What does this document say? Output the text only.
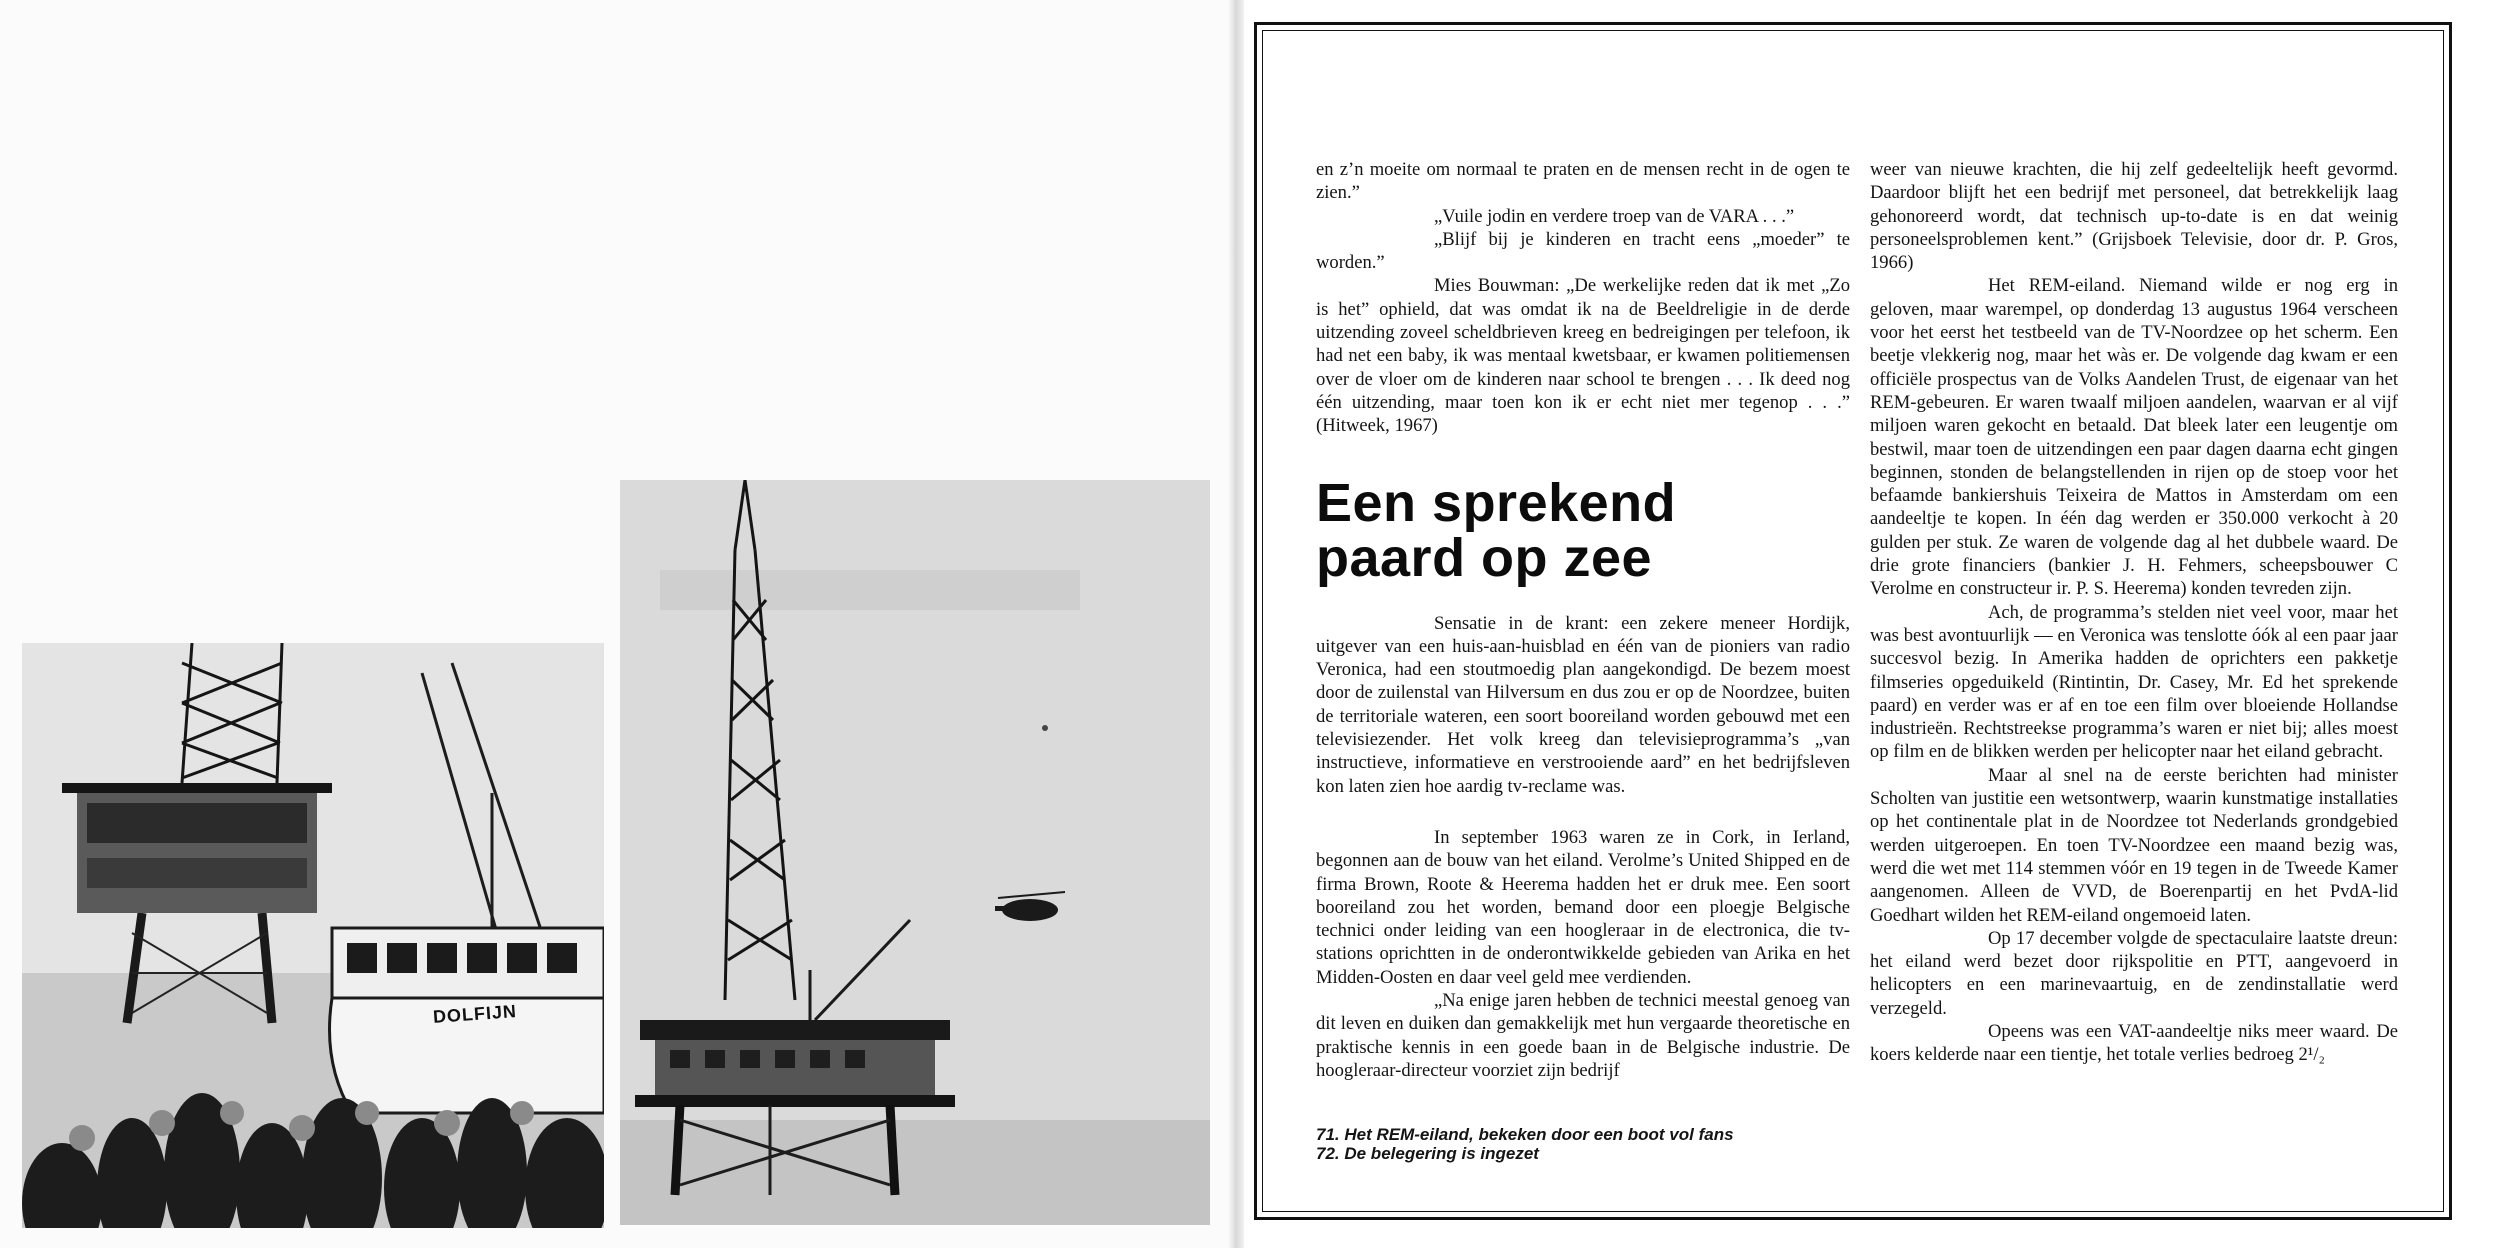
DOLFIJN

en z’n moeite om normaal te praten en de mensen recht in de ogen te zien.”

„Vuile jodin en verdere troep van de VARA . . .”

„Blijf bij je kinderen en tracht eens „moeder” te worden.”

Mies Bouwman: „De werkelijke reden dat ik met „Zo is het” ophield, dat was omdat ik na de Beeldreligie in de derde uitzending zoveel scheldbrieven kreeg en bedreigingen per telefoon, ik had net een baby, ik was mentaal kwetsbaar, er kwamen politiemensen over de vloer om de kinderen naar school te brengen . . . Ik deed nog één uitzending, maar toen kon ik er echt niet mer tegenop . . .” (Hitweek, 1967)

Een sprekend
paard op zee

Sensatie in de krant: een zekere meneer Hordijk, uitgever van een huis-aan-huisblad en één van de pioniers van radio Veronica, had een stoutmoedig plan aangekondigd. De bezem moest door de zuilenstal van Hilversum en dus zou er op de Noordzee, buiten de territoriale wateren, een soort booreiland worden gebouwd met een televisiezender. Het volk kreeg dan televisieprogramma’s „van instructieve, informatieve en verstrooiende aard” en het bedrijfsleven kon laten zien hoe aardig tv-reclame was.

In september 1963 waren ze in Cork, in Ierland, begonnen aan de bouw van het eiland. Verolme’s United Shipped en de firma Brown, Roote & Heerema hadden het er druk mee. Een soort booreiland zou het worden, bemand door een ploegje Belgische technici onder leiding van een hoogleraar in de electronica, die tv-stations oprichtten in de onderontwikkelde gebieden van Arika en het Midden-Oosten en daar veel geld mee verdienden.

„Na enige jaren hebben de technici meestal genoeg van dit leven en duiken dan gemakkelijk met hun vergaarde theoretische en praktische kennis in een goede baan in de Belgische industrie. De hoogleraar-directeur voorziet zijn bedrijf

71. Het REM-eiland, bekeken door een boot vol fans
72. De belegering is ingezet

weer van nieuwe krachten, die hij zelf gedeeltelijk heeft gevormd. Daardoor blijft het een bedrijf met personeel, dat betrekkelijk laag gehonoreerd wordt, dat technisch up-to-date is en dat weinig personeelsproblemen kent.” (Grijsboek Televisie, door dr. P. Gros, 1966)

Het REM-eiland. Niemand wilde er nog erg in geloven, maar warempel, op donderdag 13 augustus 1964 verscheen voor het eerst het testbeeld van de TV-Noordzee op het scherm. Een beetje vlekkerig nog, maar het wàs er. De volgende dag kwam er een officiële prospectus van de Volks Aandelen Trust, de eigenaar van het REM-gebeuren. Er waren twaalf miljoen aandelen, waarvan er al vijf miljoen waren gekocht en betaald. Dat bleek later een leugentje om bestwil, maar toen de uitzendingen een paar dagen daarna echt gingen beginnen, stonden de belangstellenden in rijen op de stoep voor het befaamde bankiershuis Teixeira de Mattos in Amsterdam om een aandeeltje te kopen. In één dag werden er 350.000 verkocht à 20 gulden per stuk. Ze waren de volgende dag al het dubbele waard. De drie grote financiers (bankier J. H. Fehmers, scheepsbouwer C Verolme en constructeur ir. P. S. Heerema) konden tevreden zijn.

Ach, de programma’s stelden niet veel voor, maar het was best avontuurlijk — en Veronica was tenslotte óók al een paar jaar succesvol bezig. In Amerika hadden de oprichters een pakketje filmseries opgeduikeld (Rintintin, Dr. Casey, Mr. Ed het sprekende paard) en verder was er af en toe een film over bloeiende Hollandse industrieën. Rechtstreekse programma’s waren er niet bij; alles moest op film en de blikken werden per helicopter naar het eiland gebracht.

Maar al snel na de eerste berichten had minister Scholten van justitie een wetsontwerp, waarin kunstmatige installaties op het continentale plat in de Noordzee tot Nederlands grondgebied werden uitgeroepen. En toen TV-Noordzee een maand bezig was, werd die wet met 114 stemmen vóór en 19 tegen in de Tweede Kamer aangenomen. Alleen de VVD, de Boerenpartij en het PvdA-lid Goedhart wilden het REM-eiland ongemoeid laten.

Op 17 december volgde de spectaculaire laatste dreun: het eiland werd bezet door rijkspolitie en PTT, aangevoerd in helicopters en een marinevaartuig, en de zendinstallatie werd verzegeld.

Opeens was een VAT-aandeeltje niks meer waard. De koers kelderde naar een tientje, het totale verlies bedroeg 2¹/₂
